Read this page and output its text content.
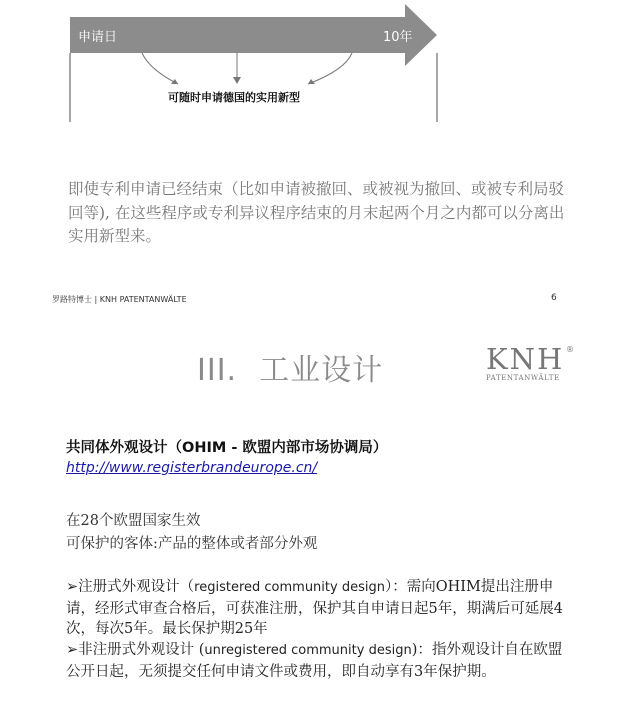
申请日	10年
可随时申请德国的实用新型

即使专利申请已经结束（比如申请被撤回、或被视为撤回、或被专利局驳回等), 在这些程序或专利异议程序结束的月末起两个月之内都可以分离出实用新型来。

罗路特博士 | KNH PATENTANWÄLTE	6
III. 工业设计	KNH ®
PATENTANWÄLTE
共同体外观设计（OHIM - 欧盟内部市场协调局）
http://www.registerbrandeurope.cn/
在28个欧盟国家生效
可保护的客体:产品的整体或者部分外观

➢注册式外观设计（registered community design）：需向OHIM提出注册申请，经形式审查合格后，可获准注册，保护其自申请日起5年，期满后可延展4次，每次5年。最长保护期25年

➢非注册式外观设计 (unregistered community design)：指外观设计自在欧盟公开日起，无须提交任何申请文件或费用，即自动享有3年保护期。
